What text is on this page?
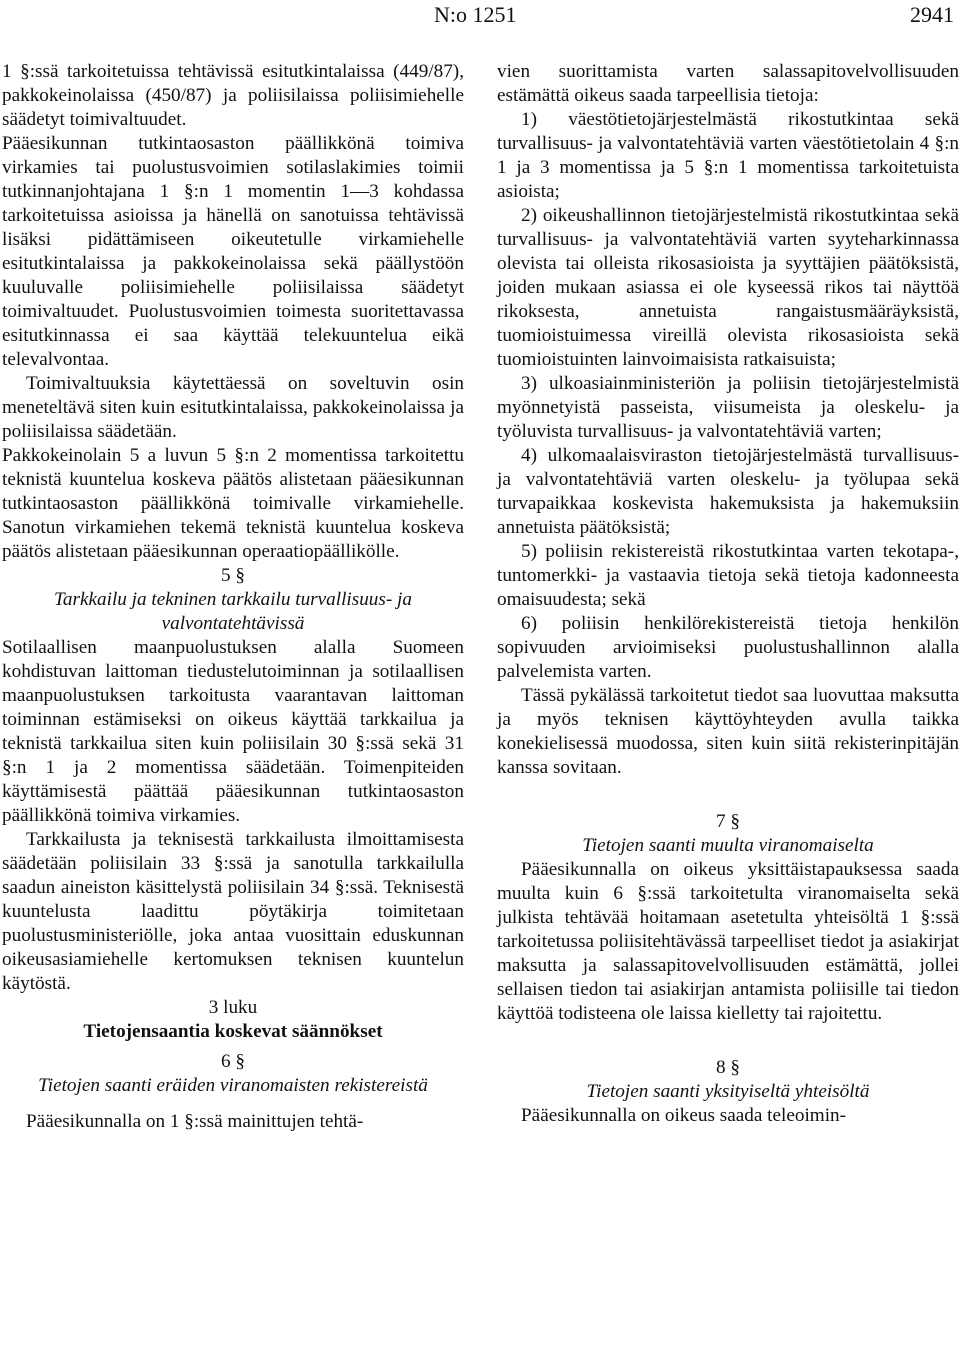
N:o 1251	2941

1 §:ssä tarkoitetuissa tehtävissä esitutkintalaissa (449/87), pakkokeinolaissa (450/87) ja poliisilaissa poliisimiehelle säädetyt toimivaltuudet.

Pääesikunnan tutkintaosaston päällikkönä toimiva virkamies tai puolustusvoimien sotilaslakimies toimii tutkinnanjohtajana 1 §:n 1 momentin 1—3 kohdassa tarkoitetuissa asioissa ja hänellä on sanotuissa tehtävissä lisäksi pidättämiseen oikeutetulle virkamiehelle esitutkintalaissa ja pakkokeinolaissa sekä päällystöön kuuluvalle poliisimiehelle poliisilaissa säädetyt toimivaltuudet. Puolustusvoimien toimesta suoritettavassa esitutkinnassa ei saa käyttää telekuuntelua eikä televalvontaa.

Toimivaltuuksia käytettäessä on soveltuvin osin meneteltävä siten kuin esitutkintalaissa, pakkokeinolaissa ja poliisilaissa säädetään.

Pakkokeinolain 5 a luvun 5 §:n 2 momentissa tarkoitettu teknistä kuuntelua koskeva päätös alistetaan pääesikunnan tutkintaosaston päällikkönä toimivalle virkamiehelle. Sanotun virkamiehen tekemä teknistä kuuntelua koskeva päätös alistetaan pääesikunnan operaatiopäällikölle.

5 §

Tarkkailu ja tekninen tarkkailu turvallisuus- ja valvontatehtävissä

Sotilaallisen maanpuolustuksen alalla Suomeen kohdistuvan laittoman tiedustelutoiminnan ja sotilaallisen maanpuolustuksen tarkoitusta vaarantavan laittoman toiminnan estämiseksi on oikeus käyttää tarkkailua ja teknistä tarkkailua siten kuin poliisilain 30 §:ssä sekä 31 §:n 1 ja 2 momentissa säädetään. Toimenpiteiden käyttämisestä päättää pääesikunnan tutkintaosaston päällikkönä toimiva virkamies.

Tarkkailusta ja teknisestä tarkkailusta ilmoittamisesta säädetään poliisilain 33 §:ssä ja sanotulla tarkkailulla saadun aineiston käsittelystä poliisilain 34 §:ssä. Teknisestä kuuntelusta laadittu pöytäkirja toimitetaan puolustusministeriölle, joka antaa vuosittain eduskunnan oikeusasiamiehelle kertomuksen teknisen kuuntelun käytöstä.

3 luku

Tietojensaantia koskevat säännökset

6 §

Tietojen saanti eräiden viranomaisten rekistereistä

Pääesikunnalla on 1 §:ssä mainittujen tehtä-

vien suorittamista varten salassapitovelvollisuuden estämättä oikeus saada tarpeellisia tietoja:

1) väestötietojärjestelmästä rikostutkintaa sekä turvallisuus- ja valvontatehtäviä varten väestötietolain 4 §:n 1 ja 3 momentissa ja 5 §:n 1 momentissa tarkoitetuista asioista;

2) oikeushallinnon tietojärjestelmistä rikostutkintaa sekä turvallisuus- ja valvontatehtäviä varten syyteharkinnassa olevista tai olleista rikosasioista ja syyttäjien päätöksistä, joiden mukaan asiassa ei ole kyseessä rikos tai näyttöä rikoksesta, annetuista rangaistusmääräyksistä, tuomioistuimessa vireillä olevista rikosasioista sekä tuomioistuinten lainvoimaisista ratkaisuista;

3) ulkoasiainministeriön ja poliisin tietojärjestelmistä myönnetyistä passeista, viisumeista ja oleskelu- ja työluvista turvallisuus- ja valvontatehtäviä varten;

4) ulkomaalaisviraston tietojärjestelmästä turvallisuus- ja valvontatehtäviä varten oleskelu- ja työlupaa sekä turvapaikkaa koskevista hakemuksista ja hakemuksiin annetuista päätöksistä;

5) poliisin rekistereistä rikostutkintaa varten tekotapa-, tuntomerkki- ja vastaavia tietoja sekä tietoja kadonneesta omaisuudesta; sekä

6) poliisin henkilörekistereistä tietoja henkilön sopivuuden arvioimiseksi puolustushallinnon alalla palvelemista varten.

Tässä pykälässä tarkoitetut tiedot saa luovuttaa maksutta ja myös teknisen käyttöyhteyden avulla taikka konekielisessä muodossa, siten kuin siitä rekisterinpitäjän kanssa sovitaan.

7 §

Tietojen saanti muulta viranomaiselta

Pääesikunnalla on oikeus yksittäistapauksessa saada muulta kuin 6 §:ssä tarkoitetulta viranomaiselta sekä julkista tehtävää hoitamaan asetetulta yhteisöltä 1 §:ssä tarkoitetussa poliisitehtävässä tarpeelliset tiedot ja asiakirjat maksutta ja salassapitovelvollisuuden estämättä, jollei sellaisen tiedon tai asiakirjan antamista poliisille tai tiedon käyttöä todisteena ole laissa kielletty tai rajoitettu.

8 §

Tietojen saanti yksityiseltä yhteisöltä

Pääesikunnalla on oikeus saada teleoimin-
